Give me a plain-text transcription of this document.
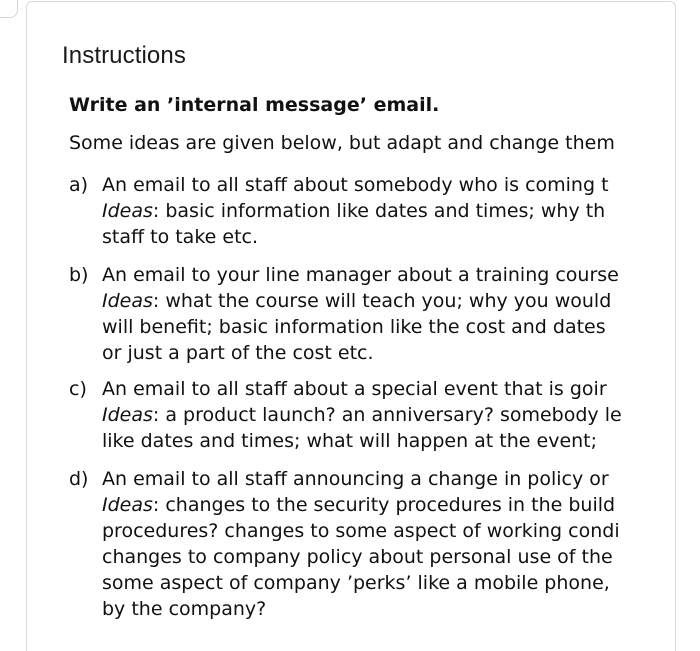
Instructions
Write an ’internal message’ email.
Some ideas are given below, but adapt and change them
a) An email to all staff about somebody who is coming t
Ideas: basic information like dates and times; why th
staff to take etc.
b) An email to your line manager about a training course
Ideas: what the course will teach you; why you would
will benefit; basic information like the cost and dates
or just a part of the cost etc.
c) An email to all staff about a special event that is goir
Ideas: a product launch? an anniversary? somebody le
like dates and times; what will happen at the event;
d) An email to all staff announcing a change in policy or
Ideas: changes to the security procedures in the build
procedures? changes to some aspect of working condi
changes to company policy about personal use of the
some aspect of company ’perks’ like a mobile phone,
by the company?
